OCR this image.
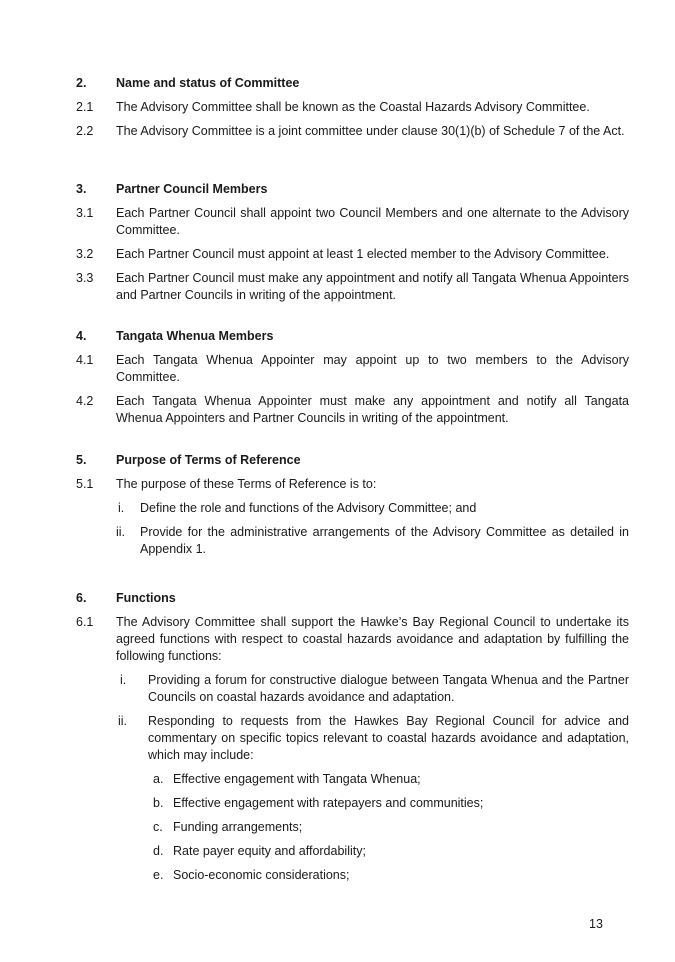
2. Name and status of Committee
2.1 The Advisory Committee shall be known as the Coastal Hazards Advisory Committee.
2.2 The Advisory Committee is a joint committee under clause 30(1)(b) of Schedule 7 of the Act.
3. Partner Council Members
3.1 Each Partner Council shall appoint two Council Members and one alternate to the Advisory Committee.
3.2 Each Partner Council must appoint at least 1 elected member to the Advisory Committee.
3.3 Each Partner Council must make any appointment and notify all Tangata Whenua Appointers and Partner Councils in writing of the appointment.
4. Tangata Whenua Members
4.1 Each Tangata Whenua Appointer may appoint up to two members to the Advisory Committee.
4.2 Each Tangata Whenua Appointer must make any appointment and notify all Tangata Whenua Appointers and Partner Councils in writing of the appointment.
5. Purpose of Terms of Reference
5.1 The purpose of these Terms of Reference is to:
i. Define the role and functions of the Advisory Committee; and
ii. Provide for the administrative arrangements of the Advisory Committee as detailed in Appendix 1.
6. Functions
6.1 The Advisory Committee shall support the Hawke’s Bay Regional Council to undertake its agreed functions with respect to coastal hazards avoidance and adaptation by fulfilling the following functions:
i. Providing a forum for constructive dialogue between Tangata Whenua and the Partner Councils on coastal hazards avoidance and adaptation.
ii. Responding to requests from the Hawkes Bay Regional Council for advice and commentary on specific topics relevant to coastal hazards avoidance and adaptation, which may include:
a. Effective engagement with Tangata Whenua;
b. Effective engagement with ratepayers and communities;
c. Funding arrangements;
d. Rate payer equity and affordability;
e. Socio-economic considerations;
13
